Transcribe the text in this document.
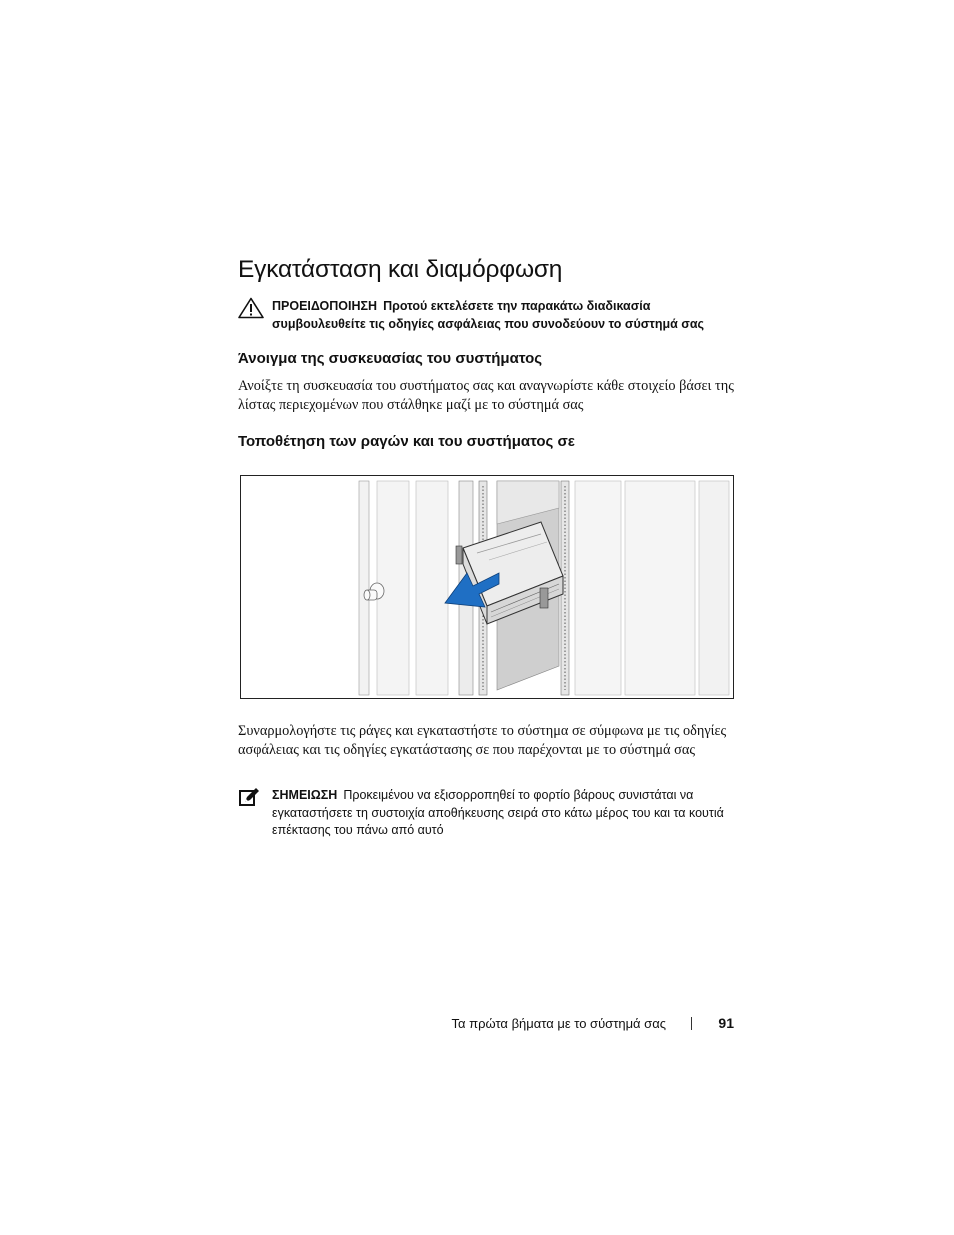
Εγκατάσταση και διαμόρφωση
ΠΡΟΕΙΔΟΠΟΙΗΣΗ Προτού εκτελέσετε την παρακάτω διαδικασία συμβουλευθείτε τις οδηγίες ασφάλειας που συνοδεύουν το σύστημά σας
Άνοιγμα της συσκευασίας του συστήματος

Ανοίξτε τη συσκευασία του συστήματος σας και αναγνωρίστε κάθε στοιχείο βάσει της λίστας περιεχομένων που στάλθηκε μαζί με το σύστημά σας

Τοποθέτηση των ραγών και του συστήματος σε

Συναρμολογήστε τις ράγες και εγκαταστήστε το σύστημα σε σύμφωνα με τις οδηγίες ασφάλειας και τις οδηγίες εγκατάστασης σε που παρέχονται με το σύστημά σας

ΣΗΜΕΙΩΣΗ Προκειμένου να εξισορροπηθεί το φορτίο βάρους συνιστάται να εγκαταστήσετε τη συστοιχία αποθήκευσης σειρά στο κάτω μέρος του και τα κουτιά επέκτασης του πάνω από αυτό
Τα πρώτα βήματα με το σύστημά σας	91
